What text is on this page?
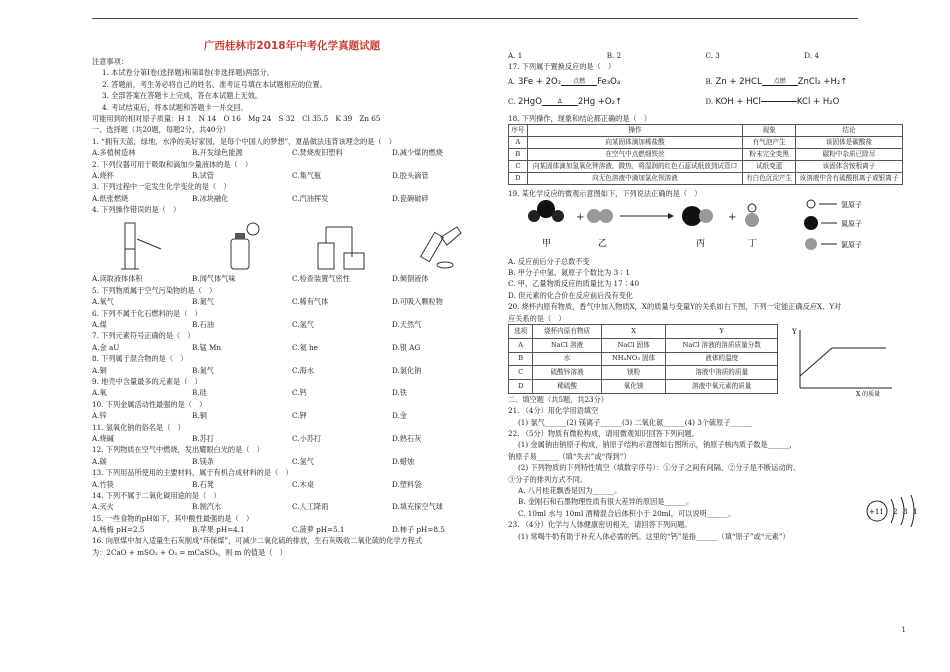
广西桂林市2018年中考化学真题试题
注意事项：
1. 本试卷分第Ⅰ卷(选择题)和第Ⅱ卷(非选择题)两部分。
2. 答题前，考生务必将自己的姓名、准考证号填在本试题相应的位置。
3. 全部答案在答题卡上完成，答在本试题上无效。
4. 考试结束后，将本试题和答题卡一并交回。
可能用到的相对原子质量：H 1　N 14　O 16　Mg 24　S 32　Cl 35.5　K 39　Zn 65
一、选择题（共20题，每题2分，共40分）
1. “拥有天蓝，绿地，水净的美好家园，是每个中国人的梦想”，夏晶做法违背该理念的是（　）
A.多植树造林	B.开发绿色能源	C.焚烧废旧塑料	D.减少煤的燃烧
2. 下列仪器可用于吸取和滴加少量液体的是（　）
A.烧杯	B.试管	C.集气瓶	D.胶头滴管
3. 下列过程中一定发生化学变化的是（　）
A.纸张燃烧	B.冰块融化	C.汽油挥发	D.瓷碗破碎
4. 下列操作错误的是（　）
A.读取液体体积	B.闻气体气味	C.检查装置气密性	D.倾倒液体
5. 下列物质属于空气污染物的是（　）
A.氧气	B.氮气	C.稀有气体	D.可吸入颗粒物
6. 下列不属于化石燃料的是（　）
A.煤	B.石油	C.氢气	D.天然气
7. 下列元素符号正确的是（　）
A.金 aU	B.锰 Mn	C.氦 he	D.银 AG
8. 下列属于混合物的是（　）
A.铜	B.氮气	C.海水	D.氯化钠
9. 地壳中含量最多的元素是（　）
A.氧	B.硅	C.钙	D.铁
10. 下列金属活动性最强的是（　）
A.锌	B.铜	C.钾	D.金
11. 氢氧化钠的俗名是（　）
A.烧碱	B.苏打	C.小苏打	D.熟石灰
12. 下列物质在空气中燃烧，发出耀眼白光的是（　）
A.碳	B.镁条	C.氢气	D.蜡烛
13. 下列用品所使用的主要材料，属于有机合成材料的是（　）
A.竹筷	B.石凳	C.木桌	D.塑料袋
14. 下列不属于二氧化碳用途的是（　）
A.灭火	B.制汽水	C.人工降雨	D.填充探空气球
15. 一些食物的pH如下，其中酸性最强的是（　）
A.杨梅 pH=2.5	B.苹果 pH=4.1	C.菠萝 pH=5.1	D.柿子 pH=8.5
16. 向原煤中加入适量生石灰制成“环保煤”，可减少二氧化硫的排放，生石灰吸收二氧化硫的化学方程式
为：2CaO + mSO₂ + O₂ = mCaSO₄，则 m 的值是（　）
A. 1	B. 2	C. 3	D. 4
17. 下列属于置换反应的是（　）
A. 3Fe + 2O₂	点燃	Fe₃O₄	B. Zn + 2HCL	点燃	ZnCl₂ +H₂↑
C. 2HgO	Δ	2Hg +O₂↑	D. KOH + HCl	KCl + H₂O
18. 下列操作，现象和结论都正确的是（　）
序号	操作	现象	结论
A	向某固体滴加稀盐酸	有气泡产生	该固体是碳酸盐
B	在空气中点燃细铁丝	粉末完全变黑	碳粉中杂质已除尽
C	向某固体滴加氢氧化钾溶液，微热，将湿润的红色石蕊试纸放到试管口	试纸变蓝	该固体含铵根离子
D	向无色溶液中滴加氯化钡溶液	有白色沉淀产生	该溶液中含有硫酸根离子或银离子
19. 某化学反应的微观示意图如下，下列说法正确的是（　）
+	+
甲	乙	丙	丁
氢原子
氮原子
氯原子
A. 反应前后分子总数不变
B. 甲分子中氢、氮原子个数比为 3∶1
C. 甲、乙量物质反应的质量比为 17∶40
D. 但元素的化合价在反应前后没有变化
20. 烧杯内原有物质，香气中加入物质X，X的质量与变量Y的关系如右下图，下列一定能正确反应X、Y对
应关系的是（　）
选项	烧杯内原有物质	X	Y
A	NaCl 溶液	NaCl 固体	NaCl 溶液的溶质质量分数
B	水	NH₄NO₃ 固体	液体的温度
C	硫酸锌溶液	镁粉	溶液中溶质的质量
D	稀硫酸	氧化镁	溶液中氧元素的质量
Y
X 的质量
二、填空题（共5题，共23分）
21. （4分）用化学用语填空
(1) 氯气______(2) 镁离子______(3) 二氧化氮______(4) 3个硫原子______
22. （5分）物质有微粒构成，请用微观知识回答下列问题。
(1) 金属钠由钠原子构成，钠原子结构示意图如右图所示，钠原子核内质子数是______，
钠原子易______（填“失去”或“得到”）
(2) 下列物质的下列特性填空（填数字序号）：①分子之间有间隔、②分子是不断运动的、
③分子的排列方式不同。
A. 八月桂花飘香是因为______。
B. 金刚石和石墨物理性质有很大差异的原因是______。
C. 10ml 水与 10ml 酒精混合后体积小于 20ml，可以说明______。
23. （4分）化学与人体健康密切相关，请回答下列问题。
(1) 常喝牛奶有助于补充人体必需的钙。这里的“钙”是指______（填“原子”或“元素”）
+11 2 8 1
1
